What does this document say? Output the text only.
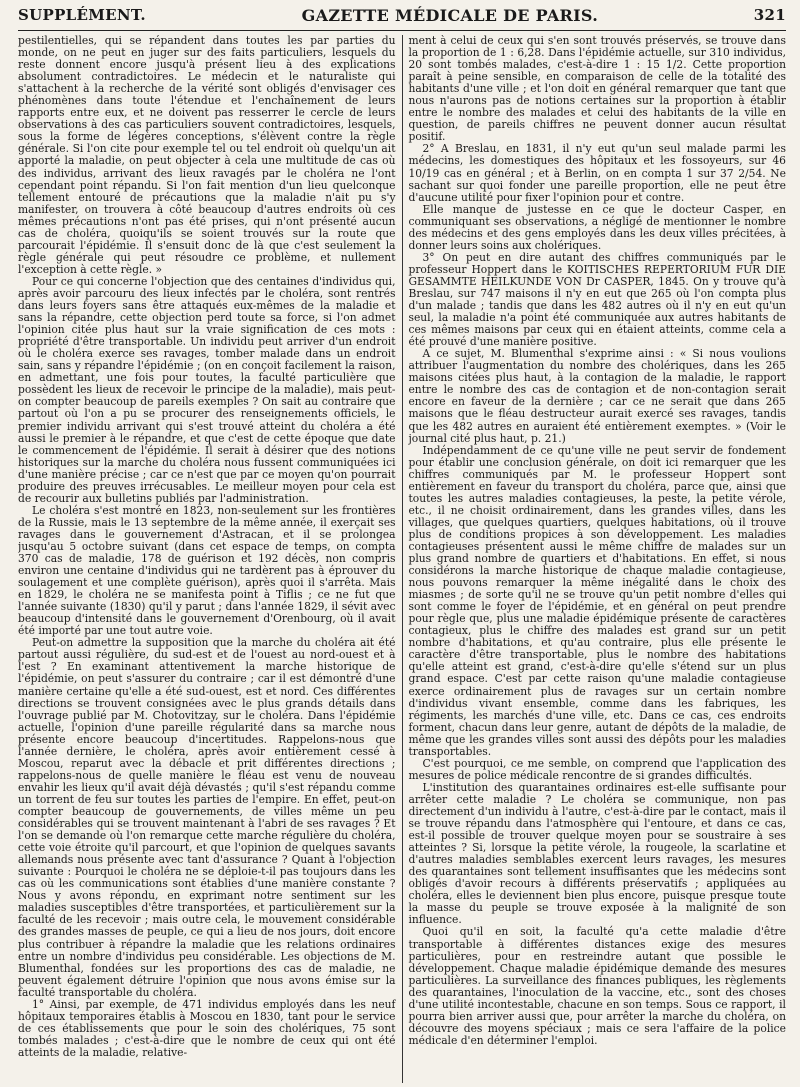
SUPPLÉMENT.	GAZETTE MÉDICALE DE PARIS.	321

pestilentielles, qui se répandent dans toutes les par parties du monde, on ne peut en juger sur des faits particuliers, lesquels du reste donnent encore jusqu'à présent lieu à des explications absolument contradictoires. Le médecin et le naturaliste qui s'attachent à la recherche de la vérité sont obligés d'envisager ces phénomènes dans toute l'étendue et l'enchaînement de leurs rapports entre eux, et ne doivent pas resserrer le cercle de leurs observations à des cas particuliers souvent contradictoires, lesquels, sous la forme de légères conceptions, s'élèvent contre la règle générale. Si l'on cite pour exemple tel ou tel endroit où quelqu'un ait apporté la maladie, on peut objecter à cela une multitude de cas où des individus, arrivant des lieux ravagés par le choléra ne l'ont cependant point répandu. Si l'on fait mention d'un lieu quelconque tellement entouré de précautions que la maladie n'ait pu s'y manifester, on trouvera à côté beaucoup d'autres endroits où ces mêmes précautions n'ont pas été prises, qui n'ont présenté aucun cas de choléra, quoiqu'ils se soient trouvés sur la route que parcourait l'épidémie. Il s'ensuit donc de là que c'est seulement la règle générale qui peut résoudre ce problème, et nullement l'exception à cette règle. »

Pour ce qui concerne l'objection que des centaines d'individus qui, après avoir parcouru des lieux infectés par le choléra, sont rentrés dans leurs foyers sans être attaqués eux-mêmes de la maladie et sans la répandre, cette objection perd toute sa force, si l'on admet l'opinion citée plus haut sur la vraie signification de ces mots : propriété d'être transportable. Un individu peut arriver d'un endroit où le choléra exerce ses ravages, tomber malade dans un endroit sain, sans y répandre l'épidémie ; (on en conçoit facilement la raison, en admettant, une fois pour toutes, la faculté particulière que possèdent les lieux de recevoir le principe de la maladie), mais peut-on compter beaucoup de pareils exemples ? On sait au contraire que partout où l'on a pu se procurer des renseignements officiels, le premier individu arrivant qui s'est trouvé atteint du choléra a été aussi le premier à le répandre, et que c'est de cette époque que date le commencement de l'épidémie. Il serait à désirer que des notions historiques sur la marche du choléra nous fussent communiquées ici d'une manière précise ; car ce n'est que par ce moyen qu'on pourrait produire des preuves irrécusables. Le meilleur moyen pour cela est de recourir aux bulletins publiés par l'administration.

Le choléra s'est montré en 1823, non-seulement sur les frontières de la Russie, mais le 13 septembre de la même année, il exerçait ses ravages dans le gouvernement d'Astracan, et il se prolongea jusqu'au 5 octobre suivant (dans cet espace de temps, on compta 370 cas de maladie, 178 de guérison et 192 décès, non compris environ une centaine d'individus qui ne tardèrent pas à éprouver du soulagement et une complète guérison), après quoi il s'arrêta. Mais en 1829, le choléra ne se manifesta point à Tiflis ; ce ne fut que l'année suivante (1830) qu'il y parut ; dans l'année 1829, il sévit avec beaucoup d'intensité dans le gouvernement d'Orenbourg, où il avait été importé par une tout autre voie.

Peut-on admettre la supposition que la marche du choléra ait été partout aussi régulière, du sud-est et de l'ouest au nord-ouest et à l'est ? En examinant attentivement la marche historique de l'épidémie, on peut s'assurer du contraire ; car il est démontré d'une manière certaine qu'elle a été sud-ouest, est et nord. Ces différentes directions se trouvent consignées avec le plus grands détails dans l'ouvrage publié par M. Chotovitzay, sur le choléra. Dans l'épidémie actuelle, l'opinion d'une pareille régularité dans sa marche nous présente encore beaucoup d'incertitudes. Rappelons-nous que l'année dernière, le choléra, après avoir entièrement cessé à Moscou, reparut avec la débacle et prit différentes directions ; rappelons-nous de quelle manière le fléau est venu de nouveau envahir les lieux qu'il avait déjà dévastés ; qu'il s'est répandu comme un torrent de feu sur toutes les parties de l'empire. En effet, peut-on compter beaucoup de gouvernements, de villes même un peu considérables qui se trouvent maintenant à l'abri de ses ravages ? Et l'on se demande où l'on remarque cette marche régulière du choléra, cette voie étroite qu'il parcourt, et que l'opinion de quelques savants allemands nous présente avec tant d'assurance ? Quant à l'objection suivante : Pourquoi le choléra ne se déploie-t-il pas toujours dans les cas où les communications sont établies d'une manière constante ? Nous y avons répondu, en exprimant notre sentiment sur les maladies susceptibles d'être transportées, et particulièrement sur la faculté de les recevoir ; mais outre cela, le mouvement considérable des grandes masses de peuple, ce qui a lieu de nos jours, doit encore plus contribuer à répandre la maladie que les relations ordinaires entre un nombre d'individus peu considérable. Les objections de M. Blumenthal, fondées sur les proportions des cas de maladie, ne peuvent également détruire l'opinion que nous avons émise sur la faculté transportable du choléra.

1° Ainsi, par exemple, de 471 individus employés dans les neuf hôpitaux temporaires établis à Moscou en 1830, tant pour le service de ces établissements que pour le soin des cholériques, 75 sont tombés malades ; c'est-à-dire que le nombre de ceux qui ont été atteints de la maladie, relative-

ment à celui de ceux qui s'en sont trouvés préservés, se trouve dans la proportion de 1 : 6,28. Dans l'épidémie actuelle, sur 310 individus, 20 sont tombés malades, c'est-à-dire 1 : 15 1/2. Cette proportion paraît à peine sensible, en comparaison de celle de la totalité des habitants d'une ville ; et l'on doit en général remarquer que tant que nous n'aurons pas de notions certaines sur la proportion à établir entre le nombre des malades et celui des habitants de la ville en question, de pareils chiffres ne peuvent donner aucun résultat positif.

2° A Breslau, en 1831, il n'y eut qu'un seul malade parmi les médecins, les domestiques des hôpitaux et les fossoyeurs, sur 46 10/19 cas en général ; et à Berlin, on en compta 1 sur 37 2/54. Ne sachant sur quoi fonder une pareille proportion, elle ne peut être d'aucune utilité pour fixer l'opinion pour et contre.

Elle manque de justesse en ce que le docteur Casper, en communiquant ses observations, a négligé de mentionner le nombre des médecins et des gens employés dans les deux villes précitées, à donner leurs soins aux cholériques.

3° On peut en dire autant des chiffres communiqués par le professeur Hoppert dans le KOITISCHES REPERTORIUM FUR DIE GESAMMTE HEILKUNDE VON Dr CASPER, 1845. On y trouve qu'à Breslau, sur 747 maisons il n'y en eut que 265 où l'on compta plus d'un malade ; tandis que dans les 482 autres où il n'y en eut qu'un seul, la maladie n'a point été communiquée aux autres habitants de ces mêmes maisons par ceux qui en étaient atteints, comme cela a été prouvé d'une manière positive.

A ce sujet, M. Blumenthal s'exprime ainsi : « Si nous voulions attribuer l'augmentation du nombre des cholériques, dans les 265 maisons citées plus haut, à la contagion de la maladie, le rapport entre le nombre des cas de contagion et de non-contagion serait encore en faveur de la dernière ; car ce ne serait que dans 265 maisons que le fléau destructeur aurait exercé ses ravages, tandis que les 482 autres en auraient été entièrement exemptes. » (Voir le journal cité plus haut, p. 21.)

Indépendamment de ce qu'une ville ne peut servir de fondement pour établir une conclusion générale, on doit ici remarquer que les chiffres communiqués par M. le professeur Hoppert sont entièrement en faveur du transport du choléra, parce que, ainsi que toutes les autres maladies contagieuses, la peste, la petite vérole, etc., il ne choisit ordinairement, dans les grandes villes, dans les villages, que quelques quartiers, quelques habitations, où il trouve plus de conditions propices à son développement. Les maladies contagieuses présentent aussi le même chiffre de malades sur un plus grand nombre de quartiers et d'habitations. En effet, si nous considérons la marche historique de chaque maladie contagieuse, nous pouvons remarquer la même inégalité dans le choix des miasmes ; de sorte qu'il ne se trouve qu'un petit nombre d'elles qui sont comme le foyer de l'épidémie, et en général on peut prendre pour règle que, plus une maladie épidémique présente de caractères contagieux, plus le chiffre des malades est grand sur un petit nombre d'habitations, et qu'au contraire, plus elle présente le caractère d'être transportable, plus le nombre des habitations qu'elle atteint est grand, c'est-à-dire qu'elle s'étend sur un plus grand espace. C'est par cette raison qu'une maladie contagieuse exerce ordinairement plus de ravages sur un certain nombre d'individus vivant ensemble, comme dans les fabriques, les régiments, les marchés d'une ville, etc. Dans ce cas, ces endroits forment, chacun dans leur genre, autant de dépôts de la maladie, de même que les grandes villes sont aussi des dépôts pour les maladies transportables.

C'est pourquoi, ce me semble, on comprend que l'application des mesures de police médicale rencontre de si grandes difficultés.

L'institution des quarantaines ordinaires est-elle suffisante pour arrêter cette maladie ? Le choléra se communique, non pas directement d'un individu à l'autre, c'est-à-dire par le contact, mais il se trouve répandu dans l'atmosphère qui l'entoure, et dans ce cas, est-il possible de trouver quelque moyen pour se soustraire à ses atteintes ? Si, lorsque la petite vérole, la rougeole, la scarlatine et d'autres maladies semblables exercent leurs ravages, les mesures des quarantaines sont tellement insuffisantes que les médecins sont obligés d'avoir recours à différents préservatifs ; appliquées au choléra, elles le deviennent bien plus encore, puisque presque toute la masse du peuple se trouve exposée à la malignité de son influence.

Quoi qu'il en soit, la faculté qu'a cette maladie d'être transportable à différentes distances exige des mesures particulières, pour en restreindre autant que possible le développement. Chaque maladie épidémique demande des mesures particulières. La surveillance des finances publiques, les règlements des quarantaines, l'inoculation de la vaccine, etc., sont des choses d'une utilité incontestable, chacune en son temps. Sous ce rapport, il pourra bien arriver aussi que, pour arrêter la marche du choléra, on découvre des moyens spéciaux ; mais ce sera l'affaire de la police médicale d'en déterminer l'emploi.
